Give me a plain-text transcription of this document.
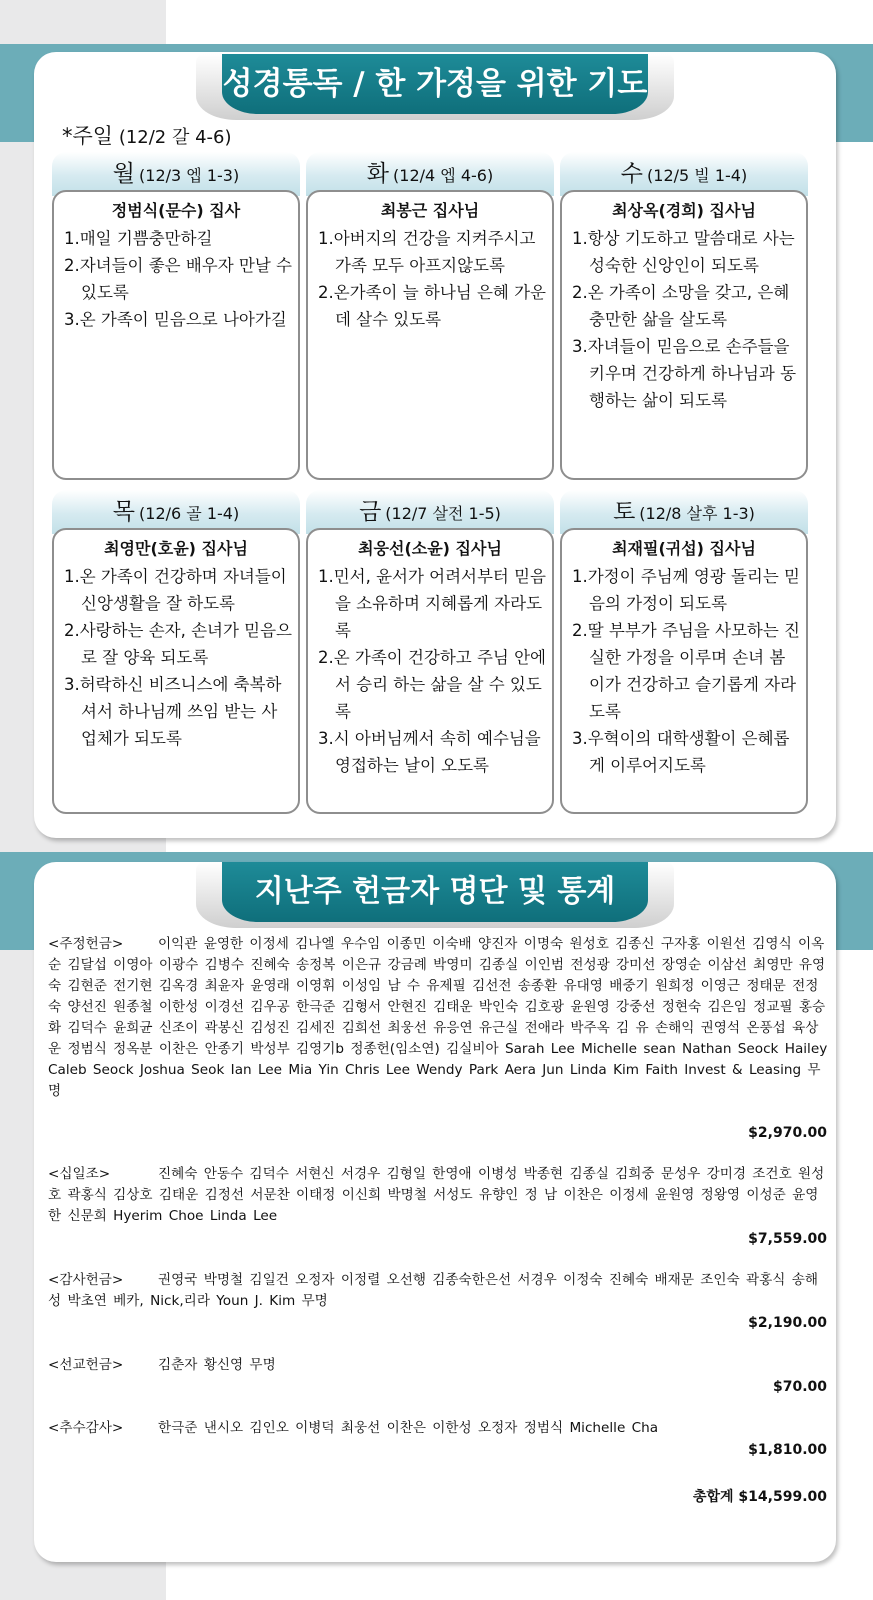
성경통독 / 한 가정을 위한 기도
*주일 (12/2 갈 4-6)
월 (12/3 엡 1-3)
정범식(문수) 집사
1.매일 기쁨충만하길
2.자녀들이 좋은 배우자 만날 수 있도록
3.온 가족이 믿음으로 나아가길
화 (12/4 엡 4-6)
최봉근 집사님
1.아버지의 건강을 지켜주시고 가족 모두 아프지않도록
2.온가족이 늘 하나님 은혜 가운데 살수 있도록
수 (12/5 빌 1-4)
최상옥(경희) 집사님
1.항상 기도하고 말씀대로 사는 성숙한 신앙인이 되도록
2.온 가족이 소망을 갖고, 은혜 충만한 삶을 살도록
3.자녀들이 믿음으로 손주들을 키우며 건강하게 하나님과 동행하는 삶이 되도록
목 (12/6 골 1-4)
최영만(호윤) 집사님
1.온 가족이 건강하며 자녀들이 신앙생활을 잘 하도록
2.사랑하는 손자, 손녀가 믿음으로 잘 양육 되도록
3.허락하신 비즈니스에 축복하셔서 하나님께 쓰임 받는 사업체가 되도록
금 (12/7 살전 1-5)
최웅선(소윤) 집사님
1.민서, 윤서가 어려서부터 믿음을 소유하며 지혜롭게 자라도록
2.온 가족이 건강하고 주님 안에서 승리 하는 삶을 살 수 있도록
3.시 아버님께서 속히 예수님을 영접하는 날이 오도록
토 (12/8 살후 1-3)
최재필(귀섭) 집사님
1.가정이 주님께 영광 돌리는 믿음의 가정이 되도록
2.딸 부부가 주님을 사모하는 진실한 가정을 이루며 손녀 봄이가 건강하고 슬기롭게 자라도록
3.우혁이의 대학생활이 은혜롭게 이루어지도록
지난주 헌금자 명단 및 통계
<주정헌금>	이익관 윤영한 이정세 김나엘 우수임 이종민 이숙배 양진자 이명숙 원성호 김종신 구자홍 이원선 김영식 이옥순 김달섭 이영아 이광수 김병수 진혜숙 송정복 이은규 강금례 박영미 김종실 이인범 전성광 강미선 장영순 이삼선 최영만 유영숙 김현준 전기현 김옥경 최윤자 윤영래 이영휘 이성임 남 수 유제필 김선전 송종환 유대영 배중기 원희정 이영근 정태문 전정숙 양선진 원종철 이한성 이경선 김우공 한극준 김형서 안현진 김태운 박인숙 김호광 윤원영 강중선 정현숙 김은임 정교필 홍승화 김덕수 윤희균 신조이 곽봉신 김성진 김세진 김희선 최웅선 유응연 유근실 전애라 박주옥 김 유 손해익 권영석 온풍섭 육상운 정범식 정옥분 이찬은 안종기 박성부 김영기b 정종헌(임소연) 김실비아 Sarah Lee Michelle sean Nathan Seock Hailey Caleb Seock Joshua Seok Ian Lee Mia Yin Chris Lee Wendy Park Aera Jun Linda Kim Faith Invest & Leasing 무명
$2,970.00
<십일조>	진혜숙 안동수 김덕수 서현신 서경우 김형일 한영애 이병성 박종현 김종실 김희중 문성우 강미경 조건호 원성호 곽홍식 김상호 김태운 김정선 서문찬 이태정 이신희 박명철 서성도 유향인 정 남 이찬은 이정세 윤원영 정왕영 이성준 윤영한 신문희 Hyerim Choe Linda Lee
$7,559.00
<감사헌금>	권영국 박명철 김일건 오정자 이정렬 오선행 김종숙한은선 서경우 이정숙 진혜숙 배재문 조인숙 곽홍식 송해성 박초연 베카, Nick,리라 Youn J. Kim 무명
$2,190.00
<선교헌금>	김춘자 황신영 무명
$70.00
<추수감사>	한극준 낸시오 김인오 이병덕 최웅선 이찬은 이한성 오정자 정범식 Michelle Cha
$1,810.00
총합계 $14,599.00
